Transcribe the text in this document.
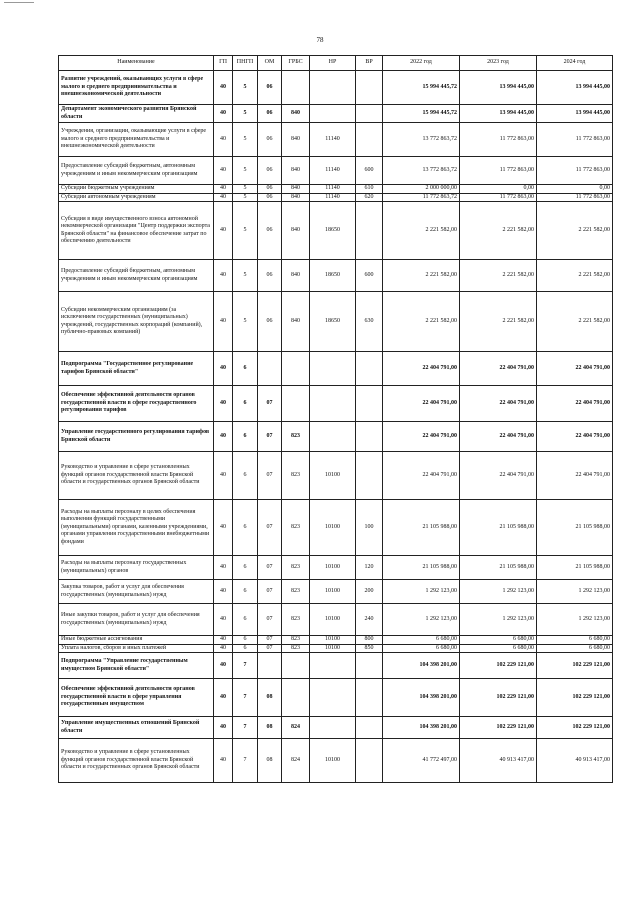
78
Наименование	ГП	ПНГП	ОМ	ГРБС	НР	ВР	2022 год	2023 год	2024 год
Развитие учреждений, оказывающих услуги в сфере малого и среднего предпринимательства и внешнеэкономической деятельности	40	5	06				15 994 445,72	13 994 445,00	13 994 445,00
Департамент экономического развития Брянской области	40	5	06	840			15 994 445,72	13 994 445,00	13 994 445,00
Учреждения, организации, оказывающие услуги в сфере малого и среднего предпринимательства и внешнеэкономической деятельности	40	5	06	840	11140		13 772 863,72	11 772 863,00	11 772 863,00
Предоставление субсидий бюджетным, автономным учреждениям и иным некоммерческим организациям	40	5	06	840	11140	600	13 772 863,72	11 772 863,00	11 772 863,00
Субсидии бюджетным учреждениям	40	5	06	840	11140	610	2 000 000,00	0,00	0,00
Субсидии автономным учреждениям	40	5	06	840	11140	620	11 772 863,72	11 772 863,00	11 772 863,00
Субсидия в виде имущественного взноса автономной некоммерческой организации "Центр поддержки экспорта Брянской области" на финансовое обеспечение затрат по обеспечению деятельности	40	5	06	840	18650		2 221 582,00	2 221 582,00	2 221 582,00
Предоставление субсидий бюджетным, автономным учреждениям и иным некоммерческим организациям	40	5	06	840	18650	600	2 221 582,00	2 221 582,00	2 221 582,00
Субсидии некоммерческим организациям (за исключением государственных (муниципальных) учреждений, государственных корпораций (компаний), публично-правовых компаний)	40	5	06	840	18650	630	2 221 582,00	2 221 582,00	2 221 582,00
Подпрограмма "Государственное регулирование тарифов Брянской области"	40	6					22 404 791,00	22 404 791,00	22 404 791,00
Обеспечение эффективной деятельности органов государственной власти в сфере государственного регулирования тарифов	40	6	07				22 404 791,00	22 404 791,00	22 404 791,00
Управление государственного регулирования тарифов Брянской области	40	6	07	823			22 404 791,00	22 404 791,00	22 404 791,00
Руководство и управление в сфере установленных функций органов государственной власти Брянской области и государственных органов Брянской области	40	6	07	823	10100		22 404 791,00	22 404 791,00	22 404 791,00
Расходы на выплаты персоналу в целях обеспечения выполнения функций государственными (муниципальными) органами, казенными учреждениями, органами управления государственными внебюджетными фондами	40	6	07	823	10100	100	21 105 988,00	21 105 988,00	21 105 988,00
Расходы на выплаты персоналу государственных (муниципальных) органов	40	6	07	823	10100	120	21 105 988,00	21 105 988,00	21 105 988,00
Закупка товаров, работ и услуг для обеспечения государственных (муниципальных) нужд	40	6	07	823	10100	200	1 292 123,00	1 292 123,00	1 292 123,00
Иные закупки товаров, работ и услуг для обеспечения государственных (муниципальных) нужд	40	6	07	823	10100	240	1 292 123,00	1 292 123,00	1 292 123,00
Иные бюджетные ассигнования	40	6	07	823	10100	800	6 680,00	6 680,00	6 680,00
Уплата налогов, сборов и иных платежей	40	6	07	823	10100	850	6 680,00	6 680,00	6 680,00
Подпрограмма "Управление государственным имуществом Брянской области"	40	7					104 398 201,00	102 229 121,00	102 229 121,00
Обеспечение эффективной деятельности органов государственной власти в сфере управления государственным имуществом	40	7	08				104 398 201,00	102 229 121,00	102 229 121,00
Управление имущественных отношений Брянской области	40	7	08	824			104 398 201,00	102 229 121,00	102 229 121,00
Руководство и управление в сфере установленных функций органов государственной власти Брянской области и государственных органов Брянской области	40	7	08	824	10100		41 772 497,00	40 913 417,00	40 913 417,00
